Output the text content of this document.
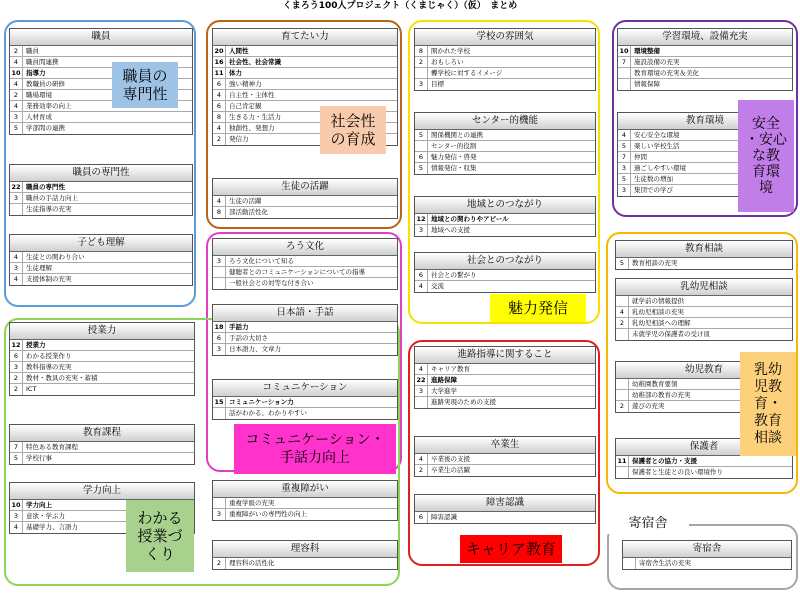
くまろう100人プロジェクト（くまじゃく）（仮）　まとめ
職員
2	職員
4	職員間連携
10 指導力
4	教職員の研修
2	職場環境
4	業務効率の向上
3	人材育成
5	学部間の連携
職員の専門性
22 職員の専門性
3	職員の手話力向上
生徒指導の充実
子ども理解
4	生徒との関わり合い
3	生徒理解
4	支援体制の充実
職員の
専門性
育てたい力
20 人間性
16 社会性、社会常識
11 体力
6	強い精神力
4	自主性・主体性
6	自己肯定観
8	生きる力・生活力
4	独創性、発想力
2	発信力
生徒の活躍
4	生徒の活躍
8	部活動活性化
社会性
の育成
ろう文化
3	ろう文化について知る
健聴者とのコミュニケーションについての指導
一般社会との対等な付き合い
日本語・手話
18 手話力
6	手話の大切さ
3	日本語力、文章力
コミュニケーション
15 コミュニケーション力
話がわかる、わかりやすい
コミュニケーション・
手話力向上
学校の雰囲気
8	開かれた学校
2	おもしろい
聾学校に対するイメージ
3	目標
センター的機能
5	関係機関との連携
センター的役割
6	魅力発信・啓発
5	情報発信・収集
地域とのつながり
12 地域との関わりやアピール
3	地域への支援
社会とのつながり
6	社会との繋がり
4	交流
魅力発信
進路指導に関すること
4	キャリア教育
22 進路保障
3	大学進学
進路実現のための支援
卒業生
4	卒業後の支援
2	卒業生の活躍
障害認識
6	障害認識
キャリア教育
学習環境、設備充実
10 環境整備
7	施設設備の充実
教育環境の充実＆美化
情報保障
教育環境
4	安心安全な環境
5	楽しい学校生活
7	仲間
3	過ごしやすい環境
5	生徒数の増加
3	集団での学び
安全
・安心
な教
育環
境
教育相談
5	教育相談の充実
乳幼児相談
就学前の情報提供
4	乳幼児相談の充実
2	乳幼児相談への理解
未就学児の保護者の受け皿
幼児教育
幼稚園教育要領
幼稚部の教育の充実
2	遊びの充実
保護者
11 保護者との協力・支援
保護者と生徒との良い環境作り
乳幼
児教
育・
教育
相談
授業力
12 授業力
6	わかる授業作り
3	教科指導の充実
2	教材・教具の充実・蓄積
2	ICT
教育課程
7	特色ある教育課程
5	学校行事
学力向上
10 学力向上
3	意欲・学ぶ力
4	基礎学力、言語力
重複障がい
重複学級の充実
3	重複障がいの専門性の向上
理容科
2	理容科の活性化
わかる
授業づ
くり
寄宿舎
寄宿舎
寄宿舎生活の充実
